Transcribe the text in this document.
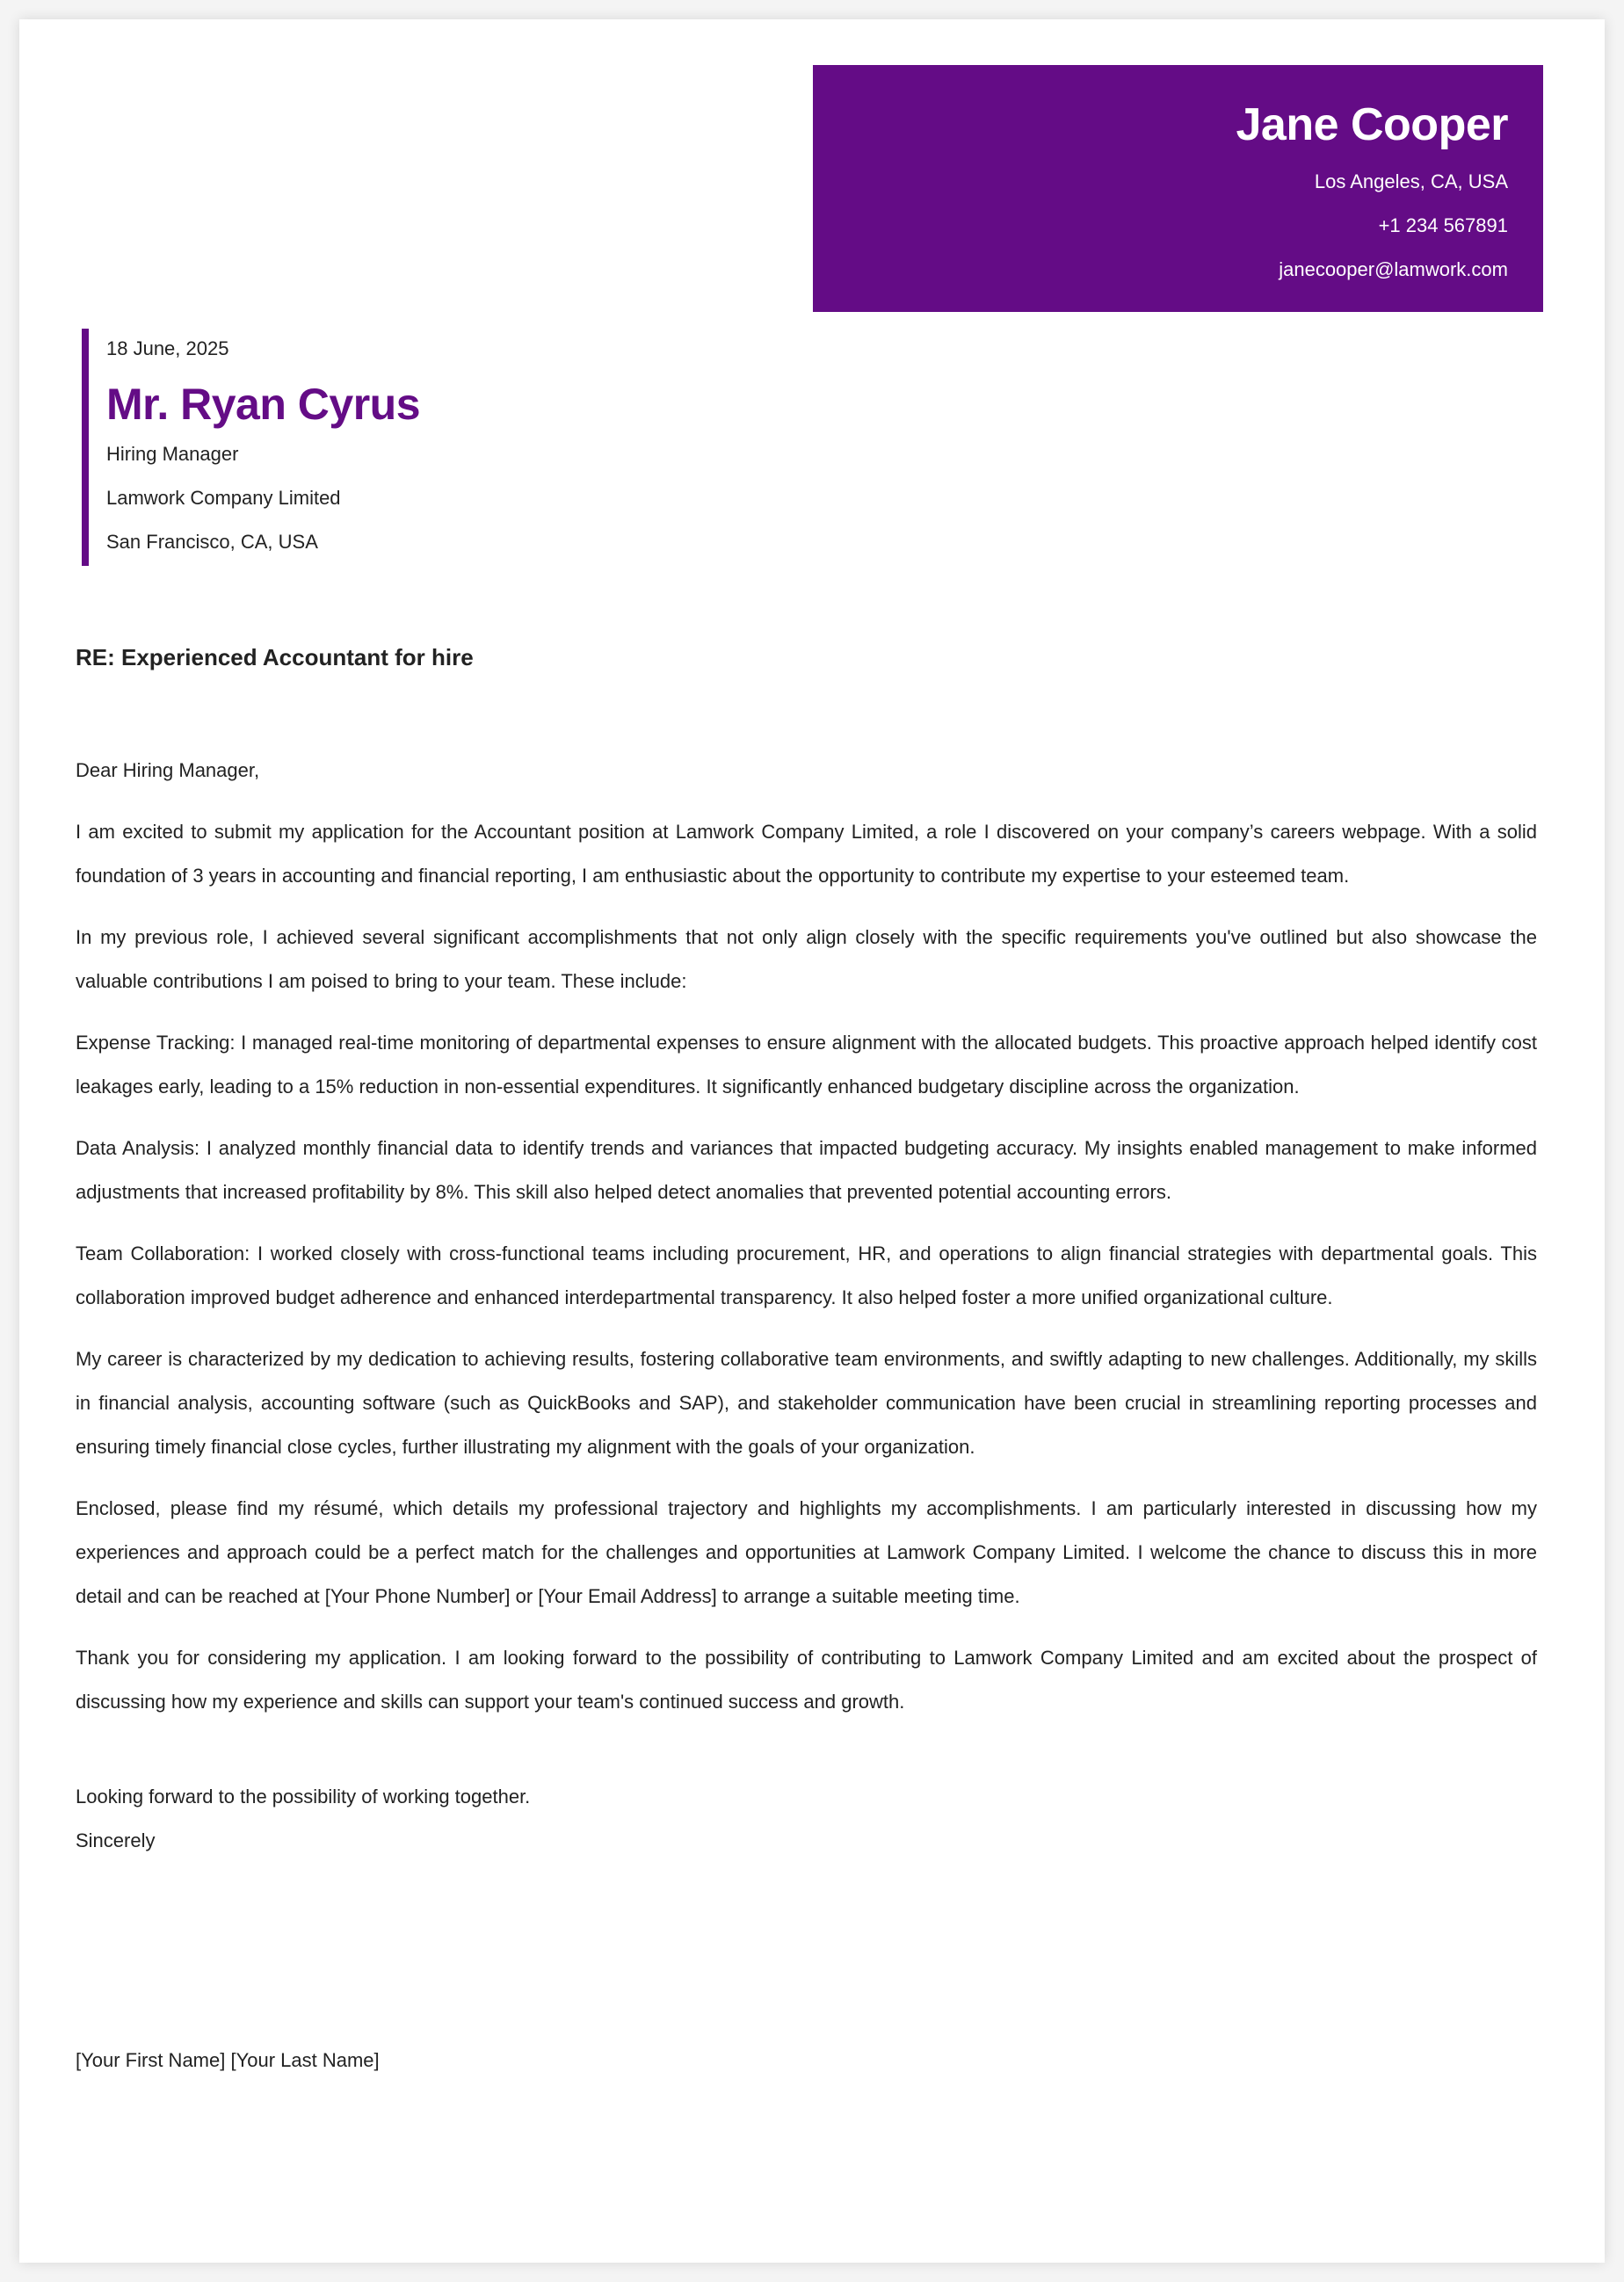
Jane Cooper
Los Angeles, CA, USA
+1 234 567891
janecooper@lamwork.com
18 June, 2025
Mr. Ryan Cyrus
Hiring Manager
Lamwork Company Limited
San Francisco, CA, USA
RE: Experienced Accountant for hire

Dear Hiring Manager,

I am excited to submit my application for the Accountant position at Lamwork Company Limited, a role I discovered on your company’s careers webpage. With a solid foundation of 3 years in accounting and financial reporting, I am enthusiastic about the opportunity to contribute my expertise to your esteemed team.

In my previous role, I achieved several significant accomplishments that not only align closely with the specific requirements you've outlined but also showcase the valuable contributions I am poised to bring to your team. These include:

Expense Tracking: I managed real-time monitoring of departmental expenses to ensure alignment with the allocated budgets. This proactive approach helped identify cost leakages early, leading to a 15% reduction in non-essential expenditures. It significantly enhanced budgetary discipline across the organization.

Data Analysis: I analyzed monthly financial data to identify trends and variances that impacted budgeting accuracy. My insights enabled management to make informed adjustments that increased profitability by 8%. This skill also helped detect anomalies that prevented potential accounting errors.

Team Collaboration: I worked closely with cross-functional teams including procurement, HR, and operations to align financial strategies with departmental goals. This collaboration improved budget adherence and enhanced interdepartmental transparency. It also helped foster a more unified organizational culture.

My career is characterized by my dedication to achieving results, fostering collaborative team environments, and swiftly adapting to new challenges. Additionally, my skills in financial analysis, accounting software (such as QuickBooks and SAP), and stakeholder communication have been crucial in streamlining reporting processes and ensuring timely financial close cycles, further illustrating my alignment with the goals of your organization.

Enclosed, please find my résumé, which details my professional trajectory and highlights my accomplishments. I am particularly interested in discussing how my experiences and approach could be a perfect match for the challenges and opportunities at Lamwork Company Limited. I welcome the chance to discuss this in more detail and can be reached at [Your Phone Number] or [Your Email Address] to arrange a suitable meeting time.

Thank you for considering my application. I am looking forward to the possibility of contributing to Lamwork Company Limited and am excited about the prospect of discussing how my experience and skills can support your team's continued success and growth.

Looking forward to the possibility of working together.
Sincerely
[Your First Name] [Your Last Name]
